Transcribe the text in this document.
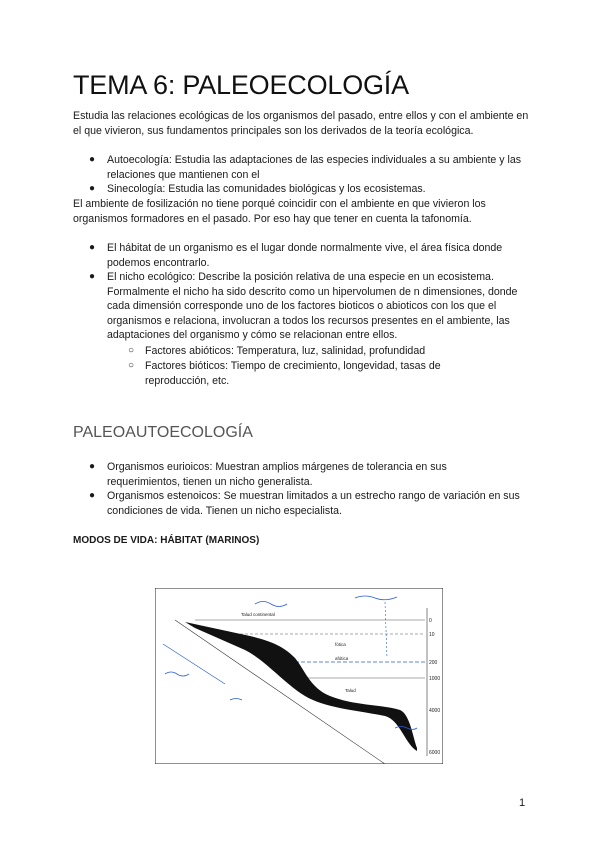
TEMA 6: PALEOECOLOGÍA

Estudia las relaciones ecológicas de los organismos del pasado, entre ellos y con el ambiente en el que vivieron, sus fundamentos principales son los derivados de la teoría ecológica.

● Autoecología: Estudia las adaptaciones de las especies individuales a su ambiente y las relaciones que mantienen con el

● Sinecología: Estudia las comunidades biológicas y los ecosistemas.

El ambiente de fosilización no tiene porqué coincidir con el ambiente en que vivieron los organismos formadores en el pasado. Por eso hay que tener en cuenta la tafonomía.

● El hábitat de un organismo es el lugar donde normalmente vive, el área física donde podemos encontrarlo.

● El nicho ecológico: Describe la posición relativa de una especie en un ecosistema. Formalmente el nicho ha sido descrito como un hipervolumen de n dimensiones, donde cada dimensión corresponde uno de los factores bioticos o abioticos con los que el organismos e relaciona, involucran a todos los recursos presentes en el ambiente, las adaptaciones del organismo y cómo se relacionan entre ellos.

○ Factores abióticos: Temperatura, luz, salinidad, profundidad

○ Factores bióticos: Tiempo de crecimiento, longevidad, tasas de reproducción, etc.

PALEOAUTOECOLOGÍA
● Organismos eurioicos: Muestran amplios márgenes de tolerancia en sus requerimientos, tienen un nicho generalista.

● Organismos estenoicos: Se muestran limitados a un estrecho rango de variación en sus condiciones de vida. Tienen un nicho especialista.

MODOS DE VIDA: HÁBITAT (MARINOS)
0
10
200
1000
4000
6000
fótica
afótica
Talud
Talud continental
1
